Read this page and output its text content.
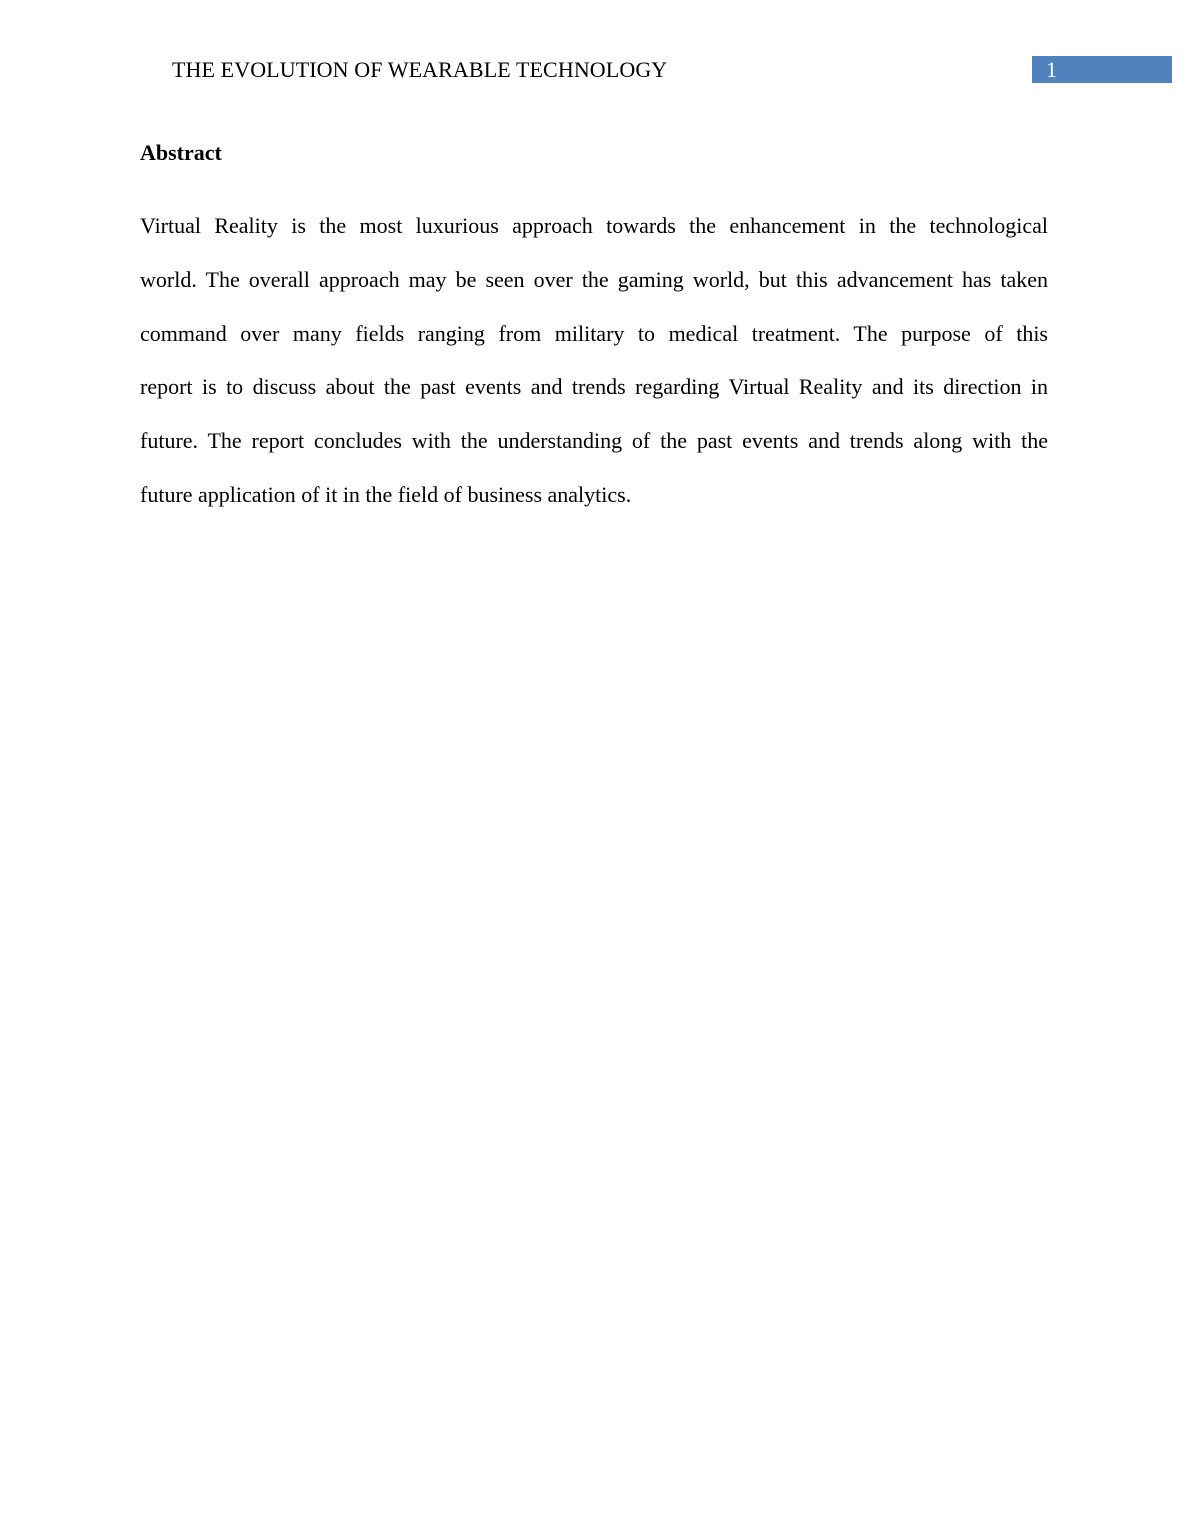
THE EVOLUTION OF WEARABLE TECHNOLOGY	1
Abstract

Virtual Reality is the most luxurious approach towards the enhancement in the technological
world. The overall approach may be seen over the gaming world, but this advancement has taken
command over many fields ranging from military to medical treatment. The purpose of this
report is to discuss about the past events and trends regarding Virtual Reality and its direction in
future. The report concludes with the understanding of the past events and trends along with the
future application of it in the field of business analytics.
